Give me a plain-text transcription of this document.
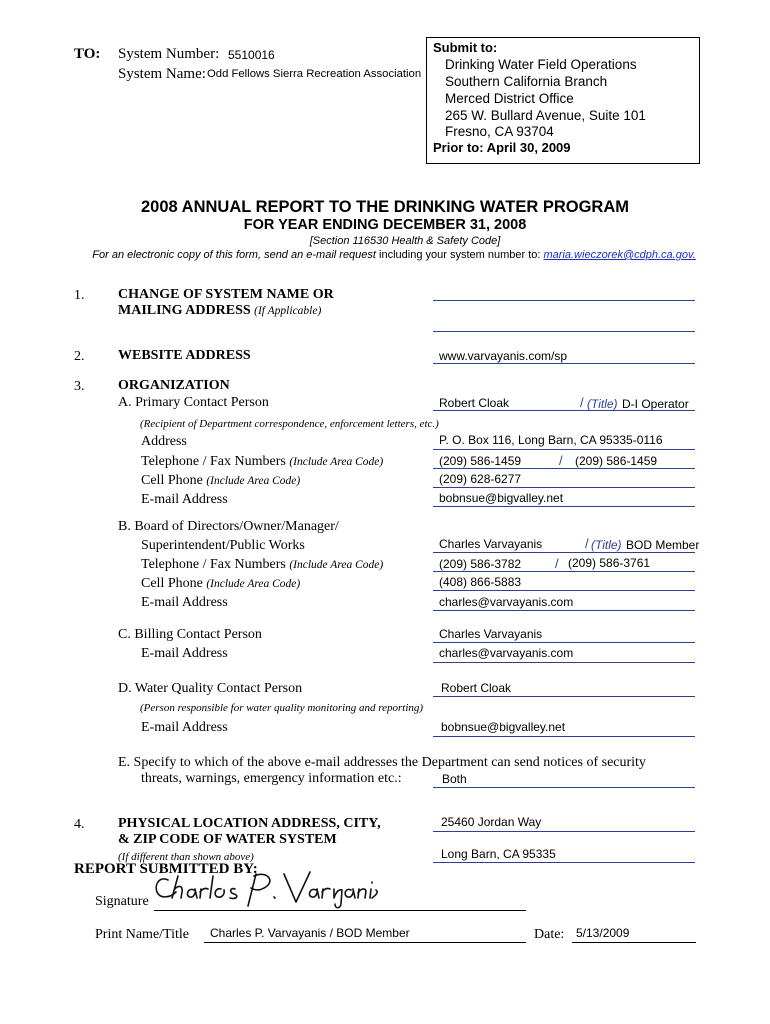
TO: System Number: 5510016
System Name: Odd Fellows Sierra Recreation Association
Submit to:
Drinking Water Field Operations
Southern California Branch
Merced District Office
265 W. Bullard Avenue, Suite 101
Fresno, CA 93704
Prior to: April 30, 2009
2008 ANNUAL REPORT TO THE DRINKING WATER PROGRAM
FOR YEAR ENDING DECEMBER 31, 2008
[Section 116530 Health & Safety Code]
For an electronic copy of this form, send an e-mail request including your system number to: maria.wieczorek@cdph.ca.gov.
1. CHANGE OF SYSTEM NAME OR
MAILING ADDRESS (If Applicable)
2. WEBSITE ADDRESS	www.varvayanis.com/sp
3. ORGANIZATION
A. Primary Contact Person	Robert Cloak	/ (Title) D-I Operator
(Recipient of Department correspondence, enforcement letters, etc.)
Address	P. O. Box 116, Long Barn, CA 95335-0116
Telephone / Fax Numbers (Include Area Code)	(209) 586-1459	/ (209) 586-1459
Cell Phone (Include Area Code)	(209) 628-6277
E-mail Address	bobnsue@bigvalley.net
B. Board of Directors/Owner/Manager/
Superintendent/Public Works	Charles Varvayanis	/ (Title) BOD Member
Telephone / Fax Numbers (Include Area Code)	(209) 586-3782	/ (209) 586-3761
Cell Phone (Include Area Code)	(408) 866-5883
E-mail Address	charles@varvayanis.com
C. Billing Contact Person	Charles Varvayanis
E-mail Address	charles@varvayanis.com
D. Water Quality Contact Person	Robert Cloak
(Person responsible for water quality monitoring and reporting)
E-mail Address	bobnsue@bigvalley.net
E. Specify to which of the above e-mail addresses the Department can send notices of security
threats, warnings, emergency information etc.:	Both
4. PHYSICAL LOCATION ADDRESS, CITY,
& ZIP CODE OF WATER SYSTEM
25460 Jordan Way
(If different than shown above)	Long Barn, CA 95335
REPORT SUBMITTED BY:
Signature
Print Name/Title Charles P. Varvayanis / BOD Member	Date: 5/13/2009
